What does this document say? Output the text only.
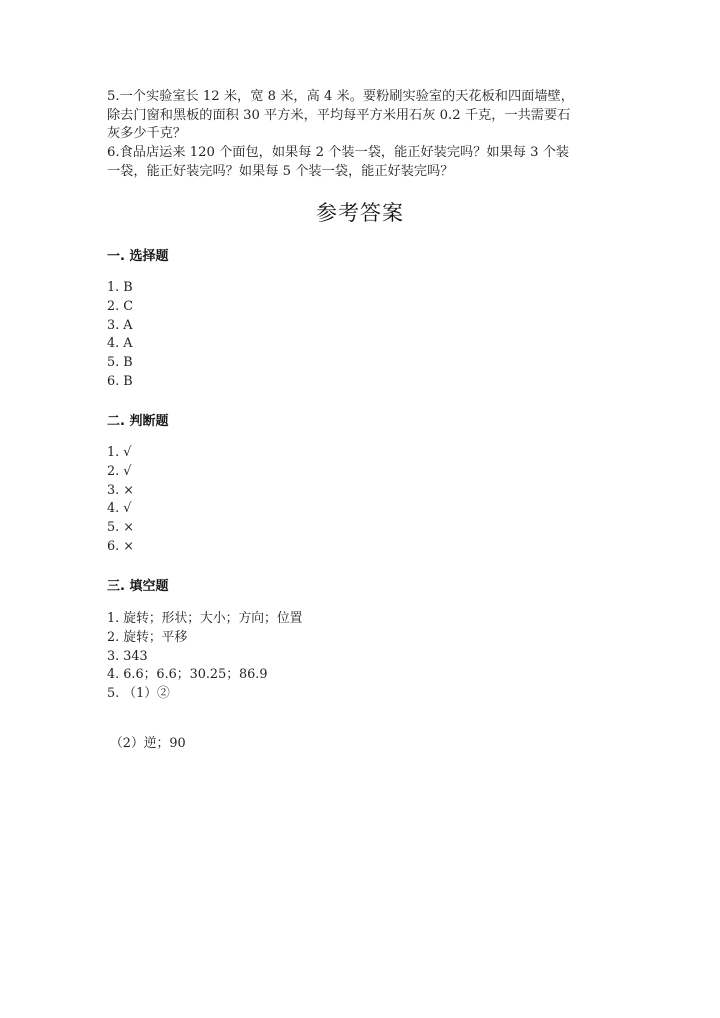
5.一个实验室长 12 米，宽 8 米，高 4 米。要粉刷实验室的天花板和四面墙壁，
除去门窗和黑板的面积 30 平方米，平均每平方米用石灰 0.2 千克，一共需要石
灰多少千克？
6.食品店运来 120 个面包，如果每 2 个装一袋，能正好装完吗？如果每 3 个装
一袋，能正好装完吗？如果每 5 个装一袋，能正好装完吗？
参考答案
一. 选择题
1. B
2. C
3. A
4. A
5. B
6. B
二. 判断题
1. √
2. √
3. ×
4. √
5. ×
6. ×
三. 填空题
1. 旋转；形状；大小；方向；位置
2. 旋转；平移
3. 343
4. 6.6；6.6；30.25；86.9
5. （1）②
（2）逆；90
